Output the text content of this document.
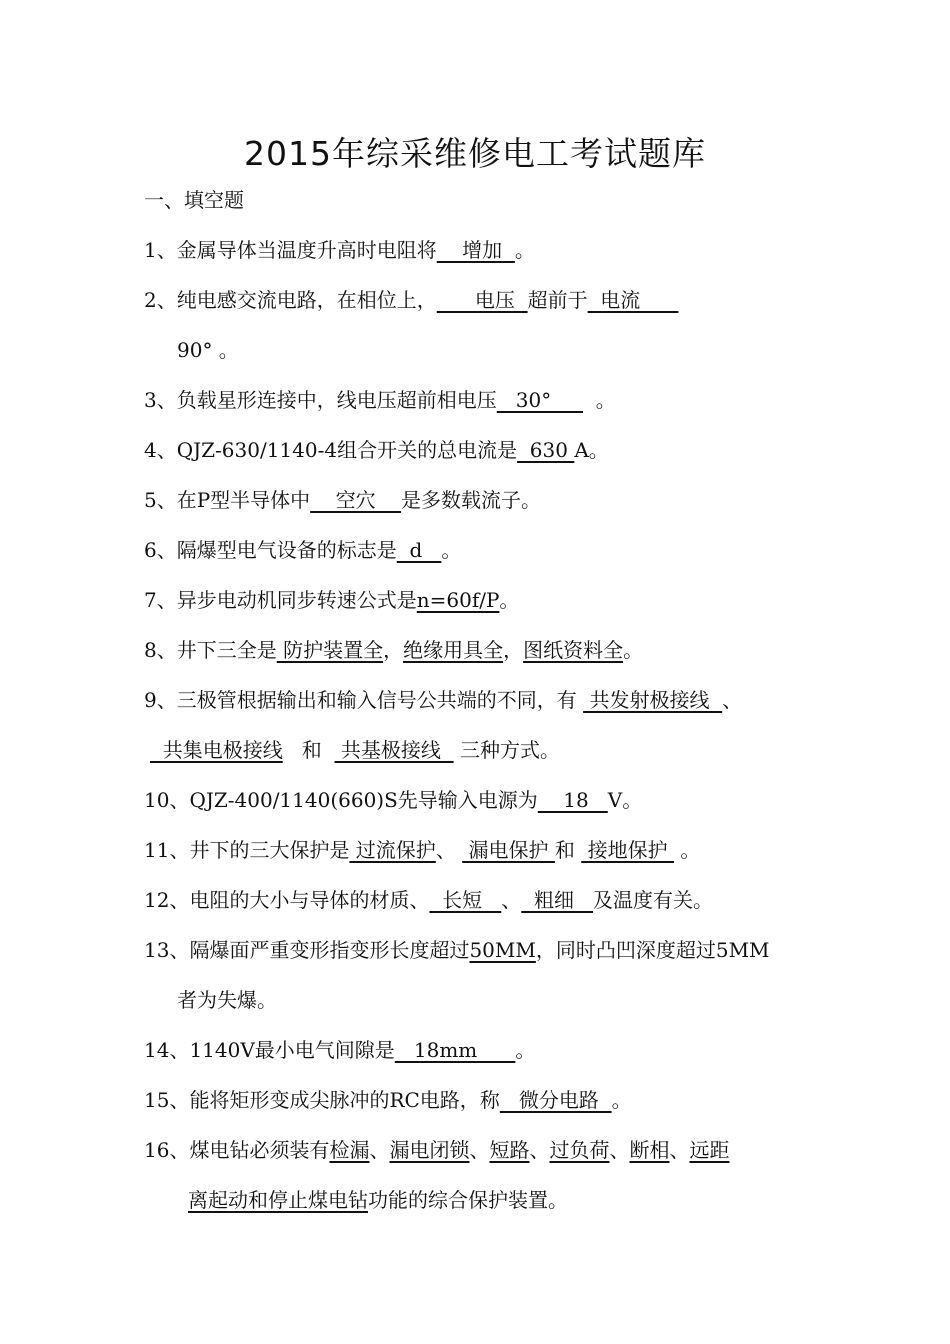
2015年综采维修电工考试题库
一、填空题
1、金属导体当温度升高时电阻将    增加  。
2、纯电感交流电路，在相位上，      电压  超前于  电流
90° 。
3、负载星形连接中，线电压超前相电压   30°       。
4、QJZ-630/1140-4组合开关的总电流是  630 A。
5、在P型半导体中    空穴    是多数载流子。
6、隔爆型电气设备的标志是  d   。
7、异步电动机同步转速公式是n=60f/P。
8、井下三全是 防护装置全，绝缘用具全，图纸资料全。
9、三极管根据输出和输入信号公共端的不同，有  共发射极接线  、
共集电极接线   和   共基极接线   三种方式。
10、QJZ-400/1140(660)S先导输入电源为    18   V。
11、井下的三大保护是 过流保护、  漏电保护 和  接地保护  。
12、电阻的大小与导体的材质、  长短   、  粗细   及温度有关。
13、隔爆面严重变形指变形长度超过50MM，同时凸凹深度超过5MM
者为失爆。
14、1140V最小电气间隙是   18mm      。
15、能将矩形变成尖脉冲的RC电路，称   微分电路  。
16、煤电钻必须装有检漏、漏电闭锁、短路、过负荷、断相、远距
离起动和停止煤电钻功能的综合保护装置。
